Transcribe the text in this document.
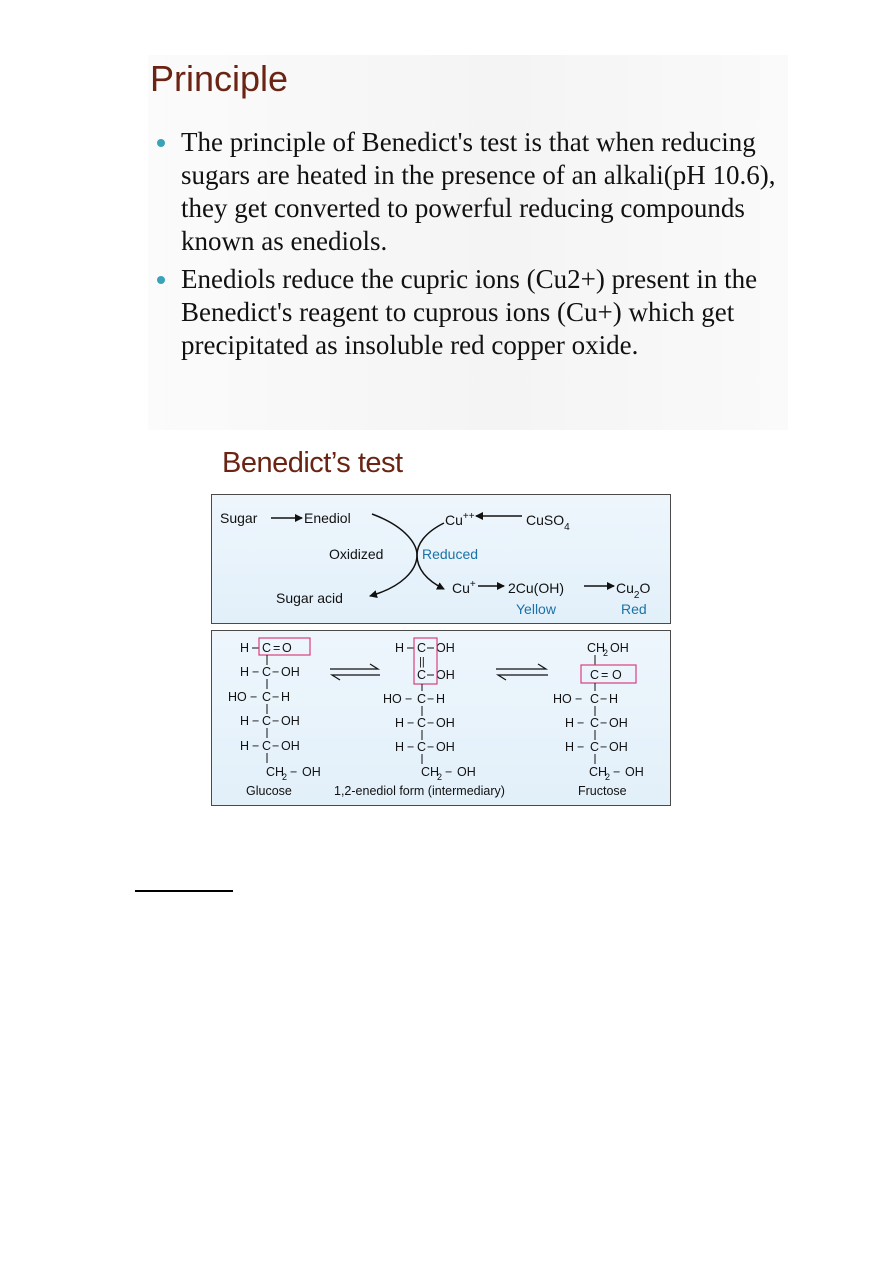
Principle
The principle of Benedict's test is that when reducing sugars are heated in the presence of an alkali(pH 10.6), they get converted to powerful reducing compounds known as enediols.
Enediols reduce the cupric ions (Cu2+) present in the Benedict's reagent to cuprous ions (Cu+) which get precipitated as insoluble red copper oxide.
Benedict’s test
Sugar	Enediol
Oxidized	Reduced
Sugar acid
Cu++	CuSO$_4$
Cu+ 2Cu(OH)	$Cu_2O$
Yellow	Red
H C = O
H − C − OH
HO − C − H
H − C − OH
H − C − OH
CH
2 − OH
Glucose
H C OH
||
C OH
HO − C − H
H − C − OH
H − C − OH
CH
2 − OH
1,2-enediol form (intermediary)
CH
2 OH
C = O
HO − C − H
H − C − OH
H − C − OH
CH
2 − OH
Fructose
